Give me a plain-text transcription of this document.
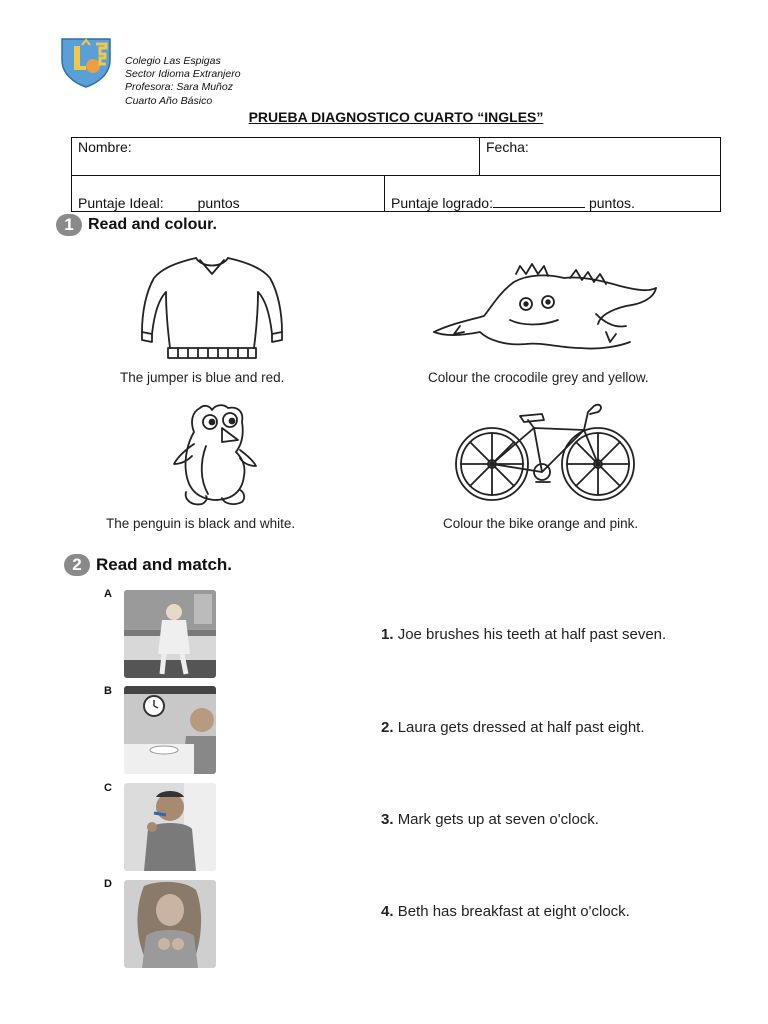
Colegio Las Espigas
Sector Idioma Extranjero
Profesora: Sara Muñoz
Cuarto Año Básico
PRUEBA DIAGNOSTICO CUARTO “INGLES”
Nombre:		Fecha:
Puntaje Ideal: puntos	Puntaje logrado: puntos.	
1 Read and colour.
The jumper is blue and red.	Colour the crocodile grey and yellow.
The penguin is black and white.	Colour the bike orange and pink.
2 Read and match.
A
B
C
D
1. Joe brushes his teeth at half past seven.
2. Laura gets dressed at half past eight.
3. Mark gets up at seven o'clock.
4. Beth has breakfast at eight o'clock.
